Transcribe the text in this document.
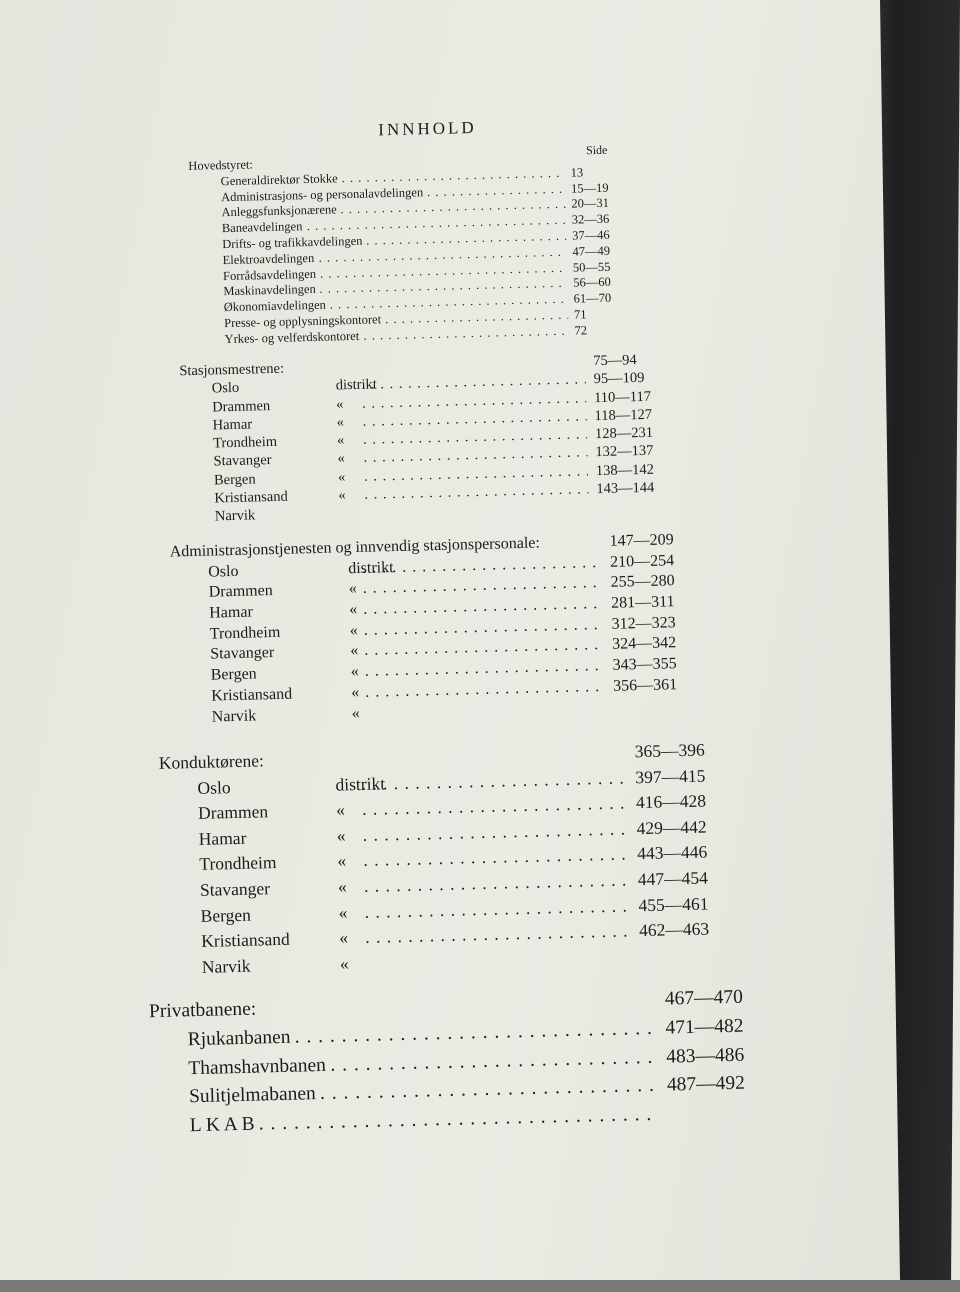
INNHOLD
Side
Hovedstyret:
Generaldirektør Stokke . . .	13
Administrasjons- og personalavdelingen . . .	15—19
Anleggsfunksjonærene . . .	20—31
Baneavdelingen . . .	32—36
Drifts- og trafikkavdelingen . . .	37—46
Elektroavdelingen . . .	47—49
Forrådsavdelingen . . .	50—55
Maskinavdelingen . . .	56—60
Økonomiavdelingen . . .	61—70
Presse- og opplysningskontoret . . .	71
Yrkes- og velferdskontoret . . .	72
Stasjonsmestrene:	75—94
Oslo	distrikt . . .	95—109
Drammen	« . . .	110—117
Hamar	« . . .	118—127
Trondheim	« . . .	128—231
Stavanger	« . . .	132—137
Bergen	« . . .	138—142
Kristiansand	« . . .	143—144
Narvik
Administrasjonstjenesten og innvendig stasjonspersonale:	147—209
Oslo	distrikt . . .	210—254
Drammen	« . . .	255—280
Hamar	« . . .	281—311
Trondheim	« . . .	312—323
Stavanger	« . . .	324—342
Bergen	« . . .	343—355
Kristiansand	« . . .	356—361
Narvik	«
Konduktørene:	365—396
Oslo	distrikt . . .	397—415
Drammen	« . . .	416—428
Hamar	« . . .	429—442
Trondheim	« . . .	443—446
Stavanger	« . . .	447—454
Bergen	« . . .	455—461
Kristiansand	« . . .	462—463
Narvik	«
Privatbanene:	467—470
Rjukanbanen . . .	471—482
Thamshavnbanen . . .	483—486
Sulitjelmabanen . . .	487—492
L K A B
. . .
